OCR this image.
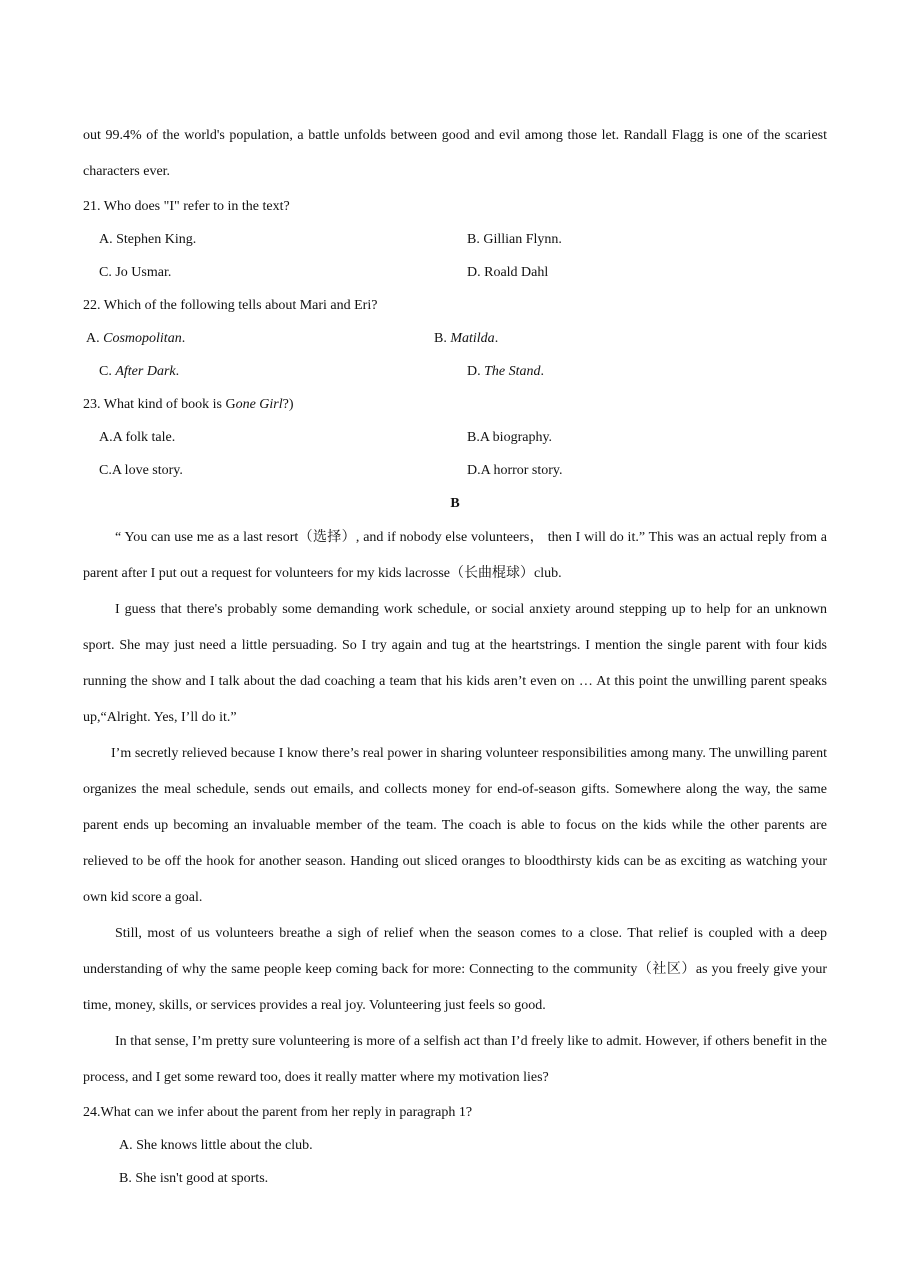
out 99.4% of the world's population, a battle unfolds between good and evil among those let. Randall Flagg is one of the scariest characters ever.

21. Who does "I" refer to in the text?

A. Stephen King.	B. Gillian Flynn.
C. Jo Usmar.	D. Roald Dahl

22. Which of the following tells about Mari and Eri?

A. Cosmopolitan.	B. Matilda.
C. After Dark.	D. The Stand.

23. What kind of book is Gone Girl?)

A.A folk tale.	B.A biography.
C.A love story.	D.A horror story.

B

“ You can use me as a last resort（选择）, and if nobody else volunteers， then I will do it.” This was an actual reply from a parent after I put out a request for volunteers for my kids lacrosse（长曲棍球）club.

I guess that there's probably some demanding work schedule, or social anxiety around stepping up to help for an unknown sport. She may just need a little persuading. So I try again and tug at the heartstrings. I mention the single parent with four kids running the show and I talk about the dad coaching a team that his kids aren’t even on … At this point the unwilling parent speaks up,“Alright. Yes, I’ll do it.”

I’m secretly relieved because I know there’s real power in sharing volunteer responsibilities among many. The unwilling parent organizes the meal schedule, sends out emails, and collects money for end-of-season gifts. Somewhere along the way, the same parent ends up becoming an invaluable member of the team. The coach is able to focus on the kids while the other parents are relieved to be off the hook for another season. Handing out sliced oranges to bloodthirsty kids can be as exciting as watching your own kid score a goal.

Still, most of us volunteers breathe a sigh of relief when the season comes to a close. That relief is coupled with a deep understanding of why the same people keep coming back for more: Connecting to the community（社区）as you freely give your time, money, skills, or services provides a real joy. Volunteering just feels so good.

In that sense, I’m pretty sure volunteering is more of a selfish act than I’d freely like to admit. However, if others benefit in the process, and I get some reward too, does it really matter where my motivation lies?

24.What can we infer about the parent from her reply in paragraph 1?

A. She knows little about the club.
B. She isn't good at sports.
